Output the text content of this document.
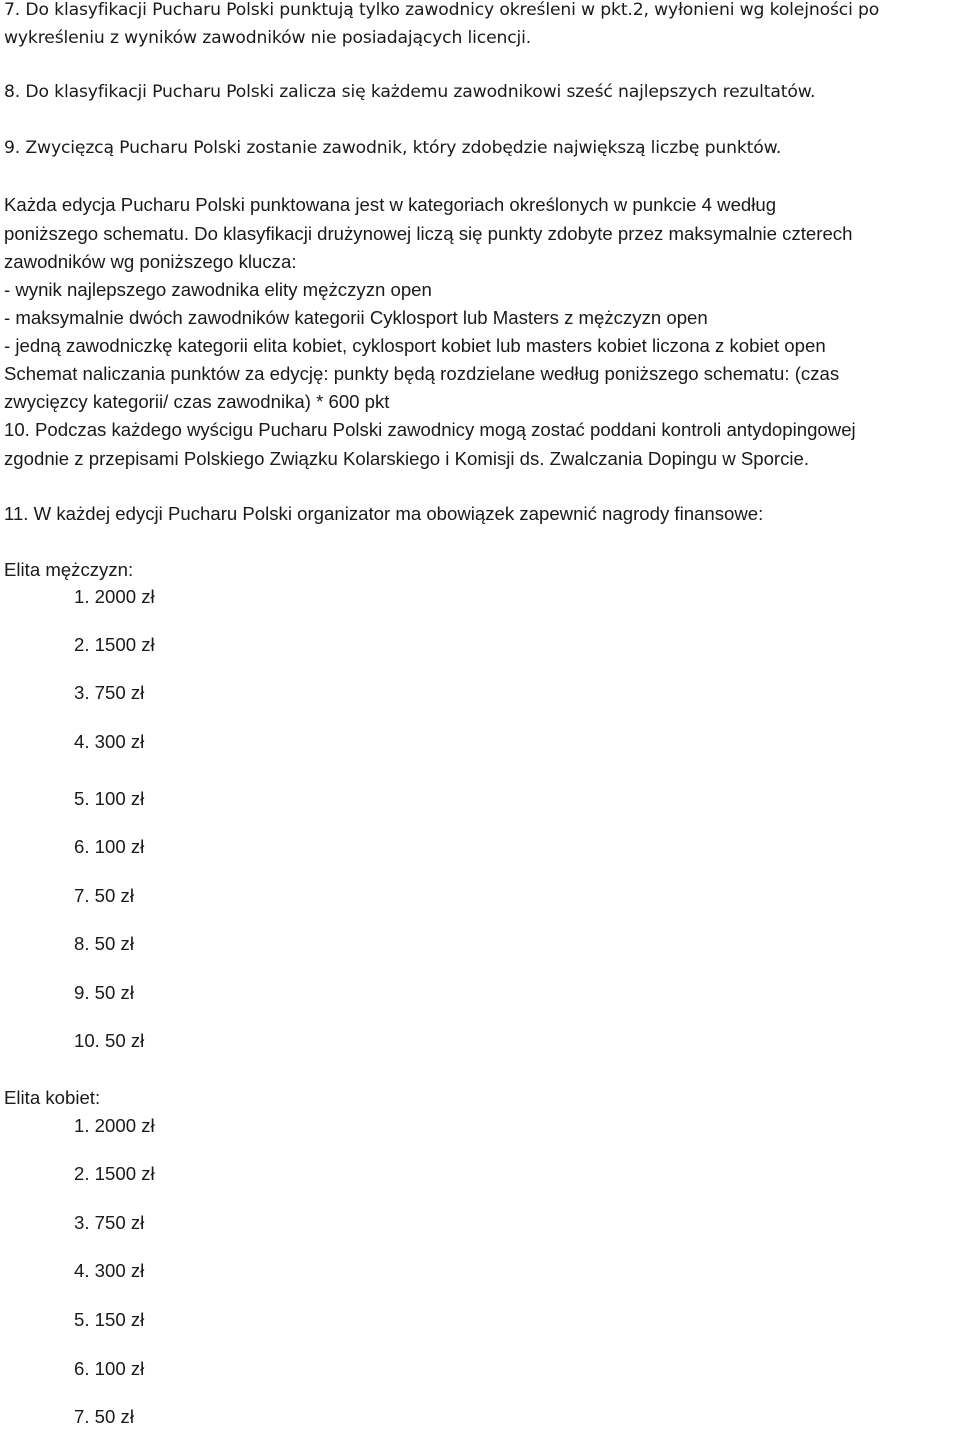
7. Do klasyfikacji Pucharu Polski punktują tylko zawodnicy określeni w pkt.2, wyłonieni wg kolejności po
wykreśleniu z wyników zawodników nie posiadających licencji.
8. Do klasyfikacji Pucharu Polski zalicza się każdemu zawodnikowi sześć najlepszych rezultatów.
9. Zwycięzcą Pucharu Polski zostanie zawodnik, który zdobędzie największą liczbę punktów.
Każda edycja Pucharu Polski punktowana jest w kategoriach określonych w punkcie 4 według
poniższego schematu. Do klasyfikacji drużynowej liczą się punkty zdobyte przez maksymalnie czterech
zawodników wg poniższego klucza:
- wynik najlepszego zawodnika elity mężczyzn open
- maksymalnie dwóch zawodników kategorii Cyklosport lub Masters z mężczyzn open
- jedną zawodniczkę kategorii elita kobiet, cyklosport kobiet lub masters kobiet liczona z kobiet open
Schemat naliczania punktów za edycję: punkty będą rozdzielane według poniższego schematu: (czas
zwycięzcy kategorii/ czas zawodnika) * 600 pkt
10. Podczas każdego wyścigu Pucharu Polski zawodnicy mogą zostać poddani kontroli antydopingowej
zgodnie z przepisami Polskiego Związku Kolarskiego i Komisji ds. Zwalczania Dopingu w Sporcie.
11. W każdej edycji Pucharu Polski organizator ma obowiązek zapewnić nagrody finansowe:
Elita mężczyzn:
1. 2000 zł
2. 1500 zł
3. 750 zł
4. 300 zł
5. 100 zł
6. 100 zł
7. 50 zł
8. 50 zł
9. 50 zł
10. 50 zł
Elita kobiet:
1. 2000 zł
2. 1500 zł
3. 750 zł
4. 300 zł
5. 150 zł
6. 100 zł
7. 50 zł
